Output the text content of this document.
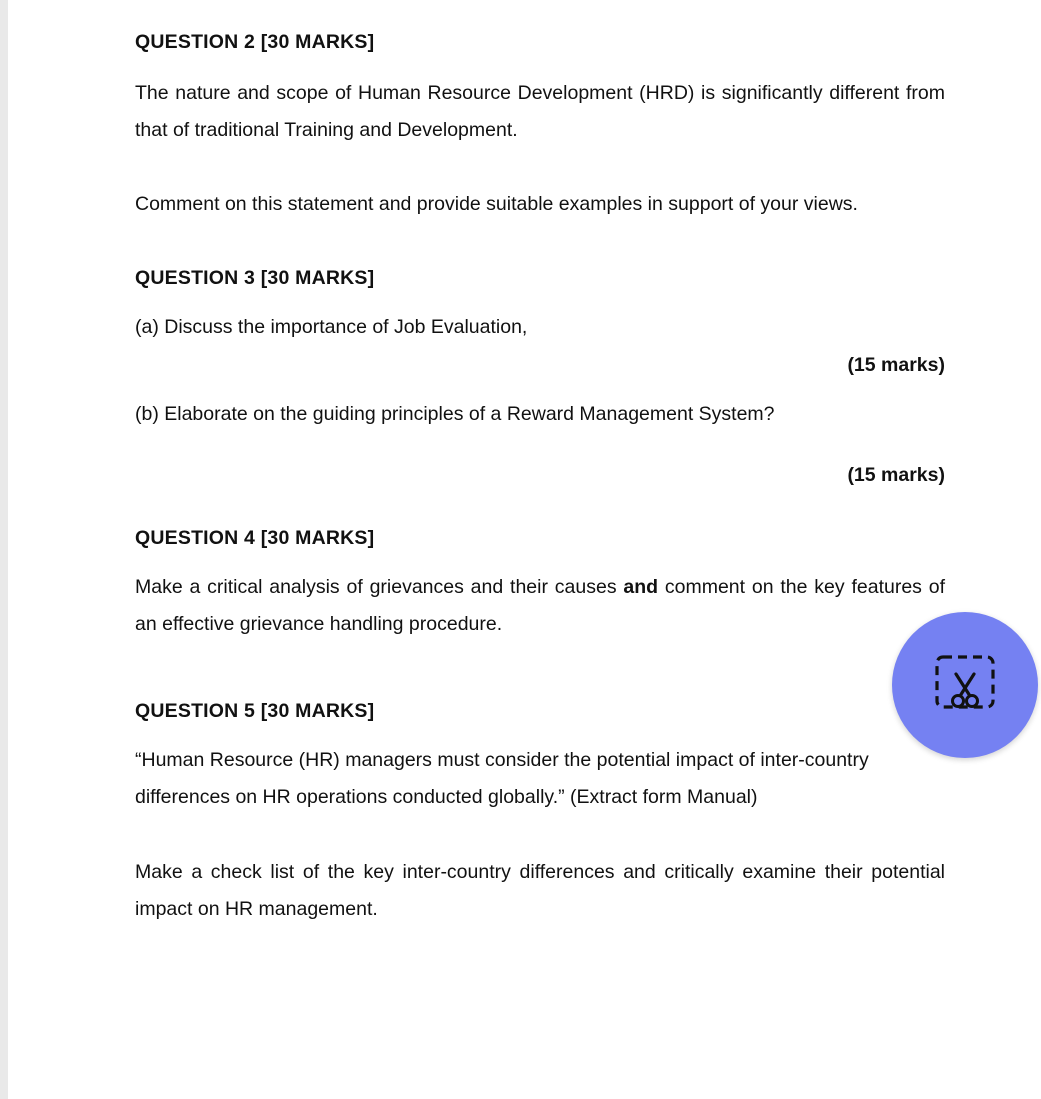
QUESTION 2 [30 MARKS]

The nature and scope of Human Resource Development (HRD) is significantly different from that of traditional Training and Development.

Comment on this statement and provide suitable examples in support of your views.

QUESTION 3 [30 MARKS]

(a) Discuss the importance of Job Evaluation,

(15 marks)

(b) Elaborate on the guiding principles of a Reward Management System?

(15 marks)

QUESTION 4 [30 MARKS]

Make a critical analysis of grievances and their causes and comment on the key features of an effective grievance handling procedure.

QUESTION 5 [30 MARKS]

“Human Resource (HR) managers must consider the potential impact of inter-country differences on HR operations conducted globally.” (Extract form Manual)

Make a check list of the key inter-country differences and critically examine their potential impact on HR management.
